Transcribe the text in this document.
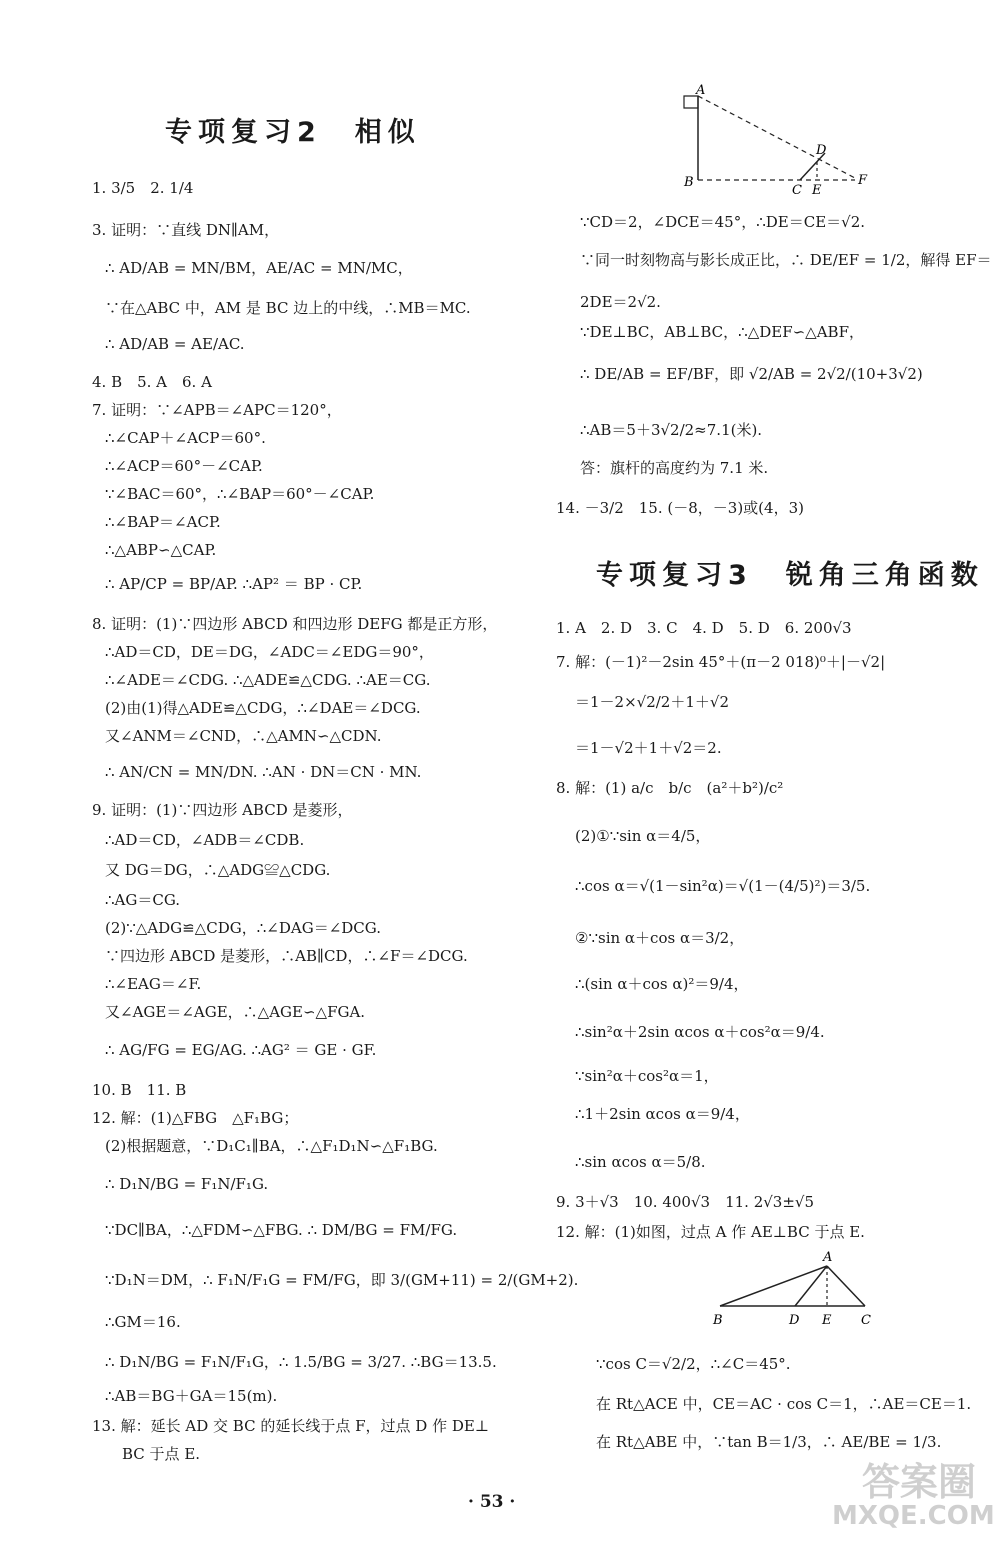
专项复习2　相似
1. 3/5　2. 1/4
3. 证明：∵直线 DN∥AM，
∴ AD/AB = MN/BM，AE/AC = MN/MC，
∵在△ABC 中，AM 是 BC 边上的中线，∴MB＝MC.
∴ AD/AB = AE/AC.
4. B　5. A　6. A
7. 证明：∵∠APB＝∠APC＝120°，
∴∠CAP＋∠ACP＝60°.
∴∠ACP＝60°－∠CAP.
∵∠BAC＝60°，∴∠BAP＝60°－∠CAP.
∴∠BAP＝∠ACP.
∴△ABP∽△CAP.
∴ AP/CP = BP/AP. ∴AP² ＝ BP · CP.
8. 证明：(1)∵四边形 ABCD 和四边形 DEFG 都是正方形，
∴AD＝CD，DE＝DG，∠ADC＝∠EDG＝90°，
∴∠ADE＝∠CDG. ∴△ADE≌△CDG. ∴AE＝CG.
(2)由(1)得△ADE≌△CDG，∴∠DAE＝∠DCG.
又∠ANM＝∠CND，∴△AMN∽△CDN.
∴ AN/CN = MN/DN. ∴AN · DN＝CN · MN.
9. 证明：(1)∵四边形 ABCD 是菱形，
∴AD＝CD，∠ADB＝∠CDB.
又 DG＝DG，∴△ADG≌△CDG.
∴AG＝CG.
(2)∵△ADG≌△CDG，∴∠DAG＝∠DCG.
∵四边形 ABCD 是菱形，∴AB∥CD，∴∠F＝∠DCG.
∴∠EAG＝∠F.
又∠AGE＝∠AGE，∴△AGE∽△FGA.
∴ AG/FG = EG/AG. ∴AG² ＝ GE · GF.
10. B　11. B
12. 解：(1)△FBG　△F₁BG；
(2)根据题意，∵D₁C₁∥BA，∴△F₁D₁N∽△F₁BG.
∴ D₁N/BG = F₁N/F₁G.
∵DC∥BA，∴△FDM∽△FBG. ∴ DM/BG = FM/FG.
∵D₁N＝DM，∴ F₁N/F₁G = FM/FG，即 3/(GM+11) = 2/(GM+2).
∴GM＝16.
∴ D₁N/BG = F₁N/F₁G，∴ 1.5/BG = 3/27. ∴BG＝13.5.
∴AB＝BG＋GA＝15(m).
13. 解：延长 AD 交 BC 的延长线于点 F，过点 D 作 DE⊥
BC 于点 E.
A
D
B
C E
F
∵CD＝2，∠DCE＝45°，∴DE＝CE＝√2.
∵同一时刻物高与影长成正比，∴ DE/EF = 1/2，解得 EF＝
2DE＝2√2.
∵DE⊥BC，AB⊥BC，∴△DEF∽△ABF，
∴ DE/AB = EF/BF，即 √2/AB = 2√2/(10+3√2)
∴AB＝5＋3√2/2≈7.1(米).
答：旗杆的高度约为 7.1 米.
14. －3/2　15. (－8，－3)或(4，3)
专项复习3　锐角三角函数
1. A　2. D　3. C　4. D　5. D　6. 200√3
7. 解：(－1)²－2sin 45°＋(π－2 018)⁰＋|－√2|
＝1－2×√2/2＋1＋√2
＝1－√2＋1＋√2＝2.
8. 解：(1) a/c　b/c　(a²＋b²)/c²
(2)①∵sin α＝4/5，
∴cos α＝√(1－sin²α)＝√(1－(4/5)²)＝3/5.
②∵sin α＋cos α＝3/2，
∴(sin α＋cos α)²＝9/4，
∴sin²α＋2sin αcos α＋cos²α＝9/4.
∵sin²α＋cos²α＝1，
∴1＋2sin αcos α＝9/4，
∴sin αcos α＝5/8.
9. 3＋√3　10. 400√3　11. 2√3±√5
12. 解：(1)如图，过点 A 作 AE⊥BC 于点 E.
A
B	D E C
∵cos C＝√2/2，∴∠C＝45°.
在 Rt△ACE 中，CE＝AC · cos C＝1，∴AE＝CE＝1.
在 Rt△ABE 中，∵tan B＝1/3，∴ AE/BE = 1/3.
· 53 ·	答案圈
MXQE.COM
